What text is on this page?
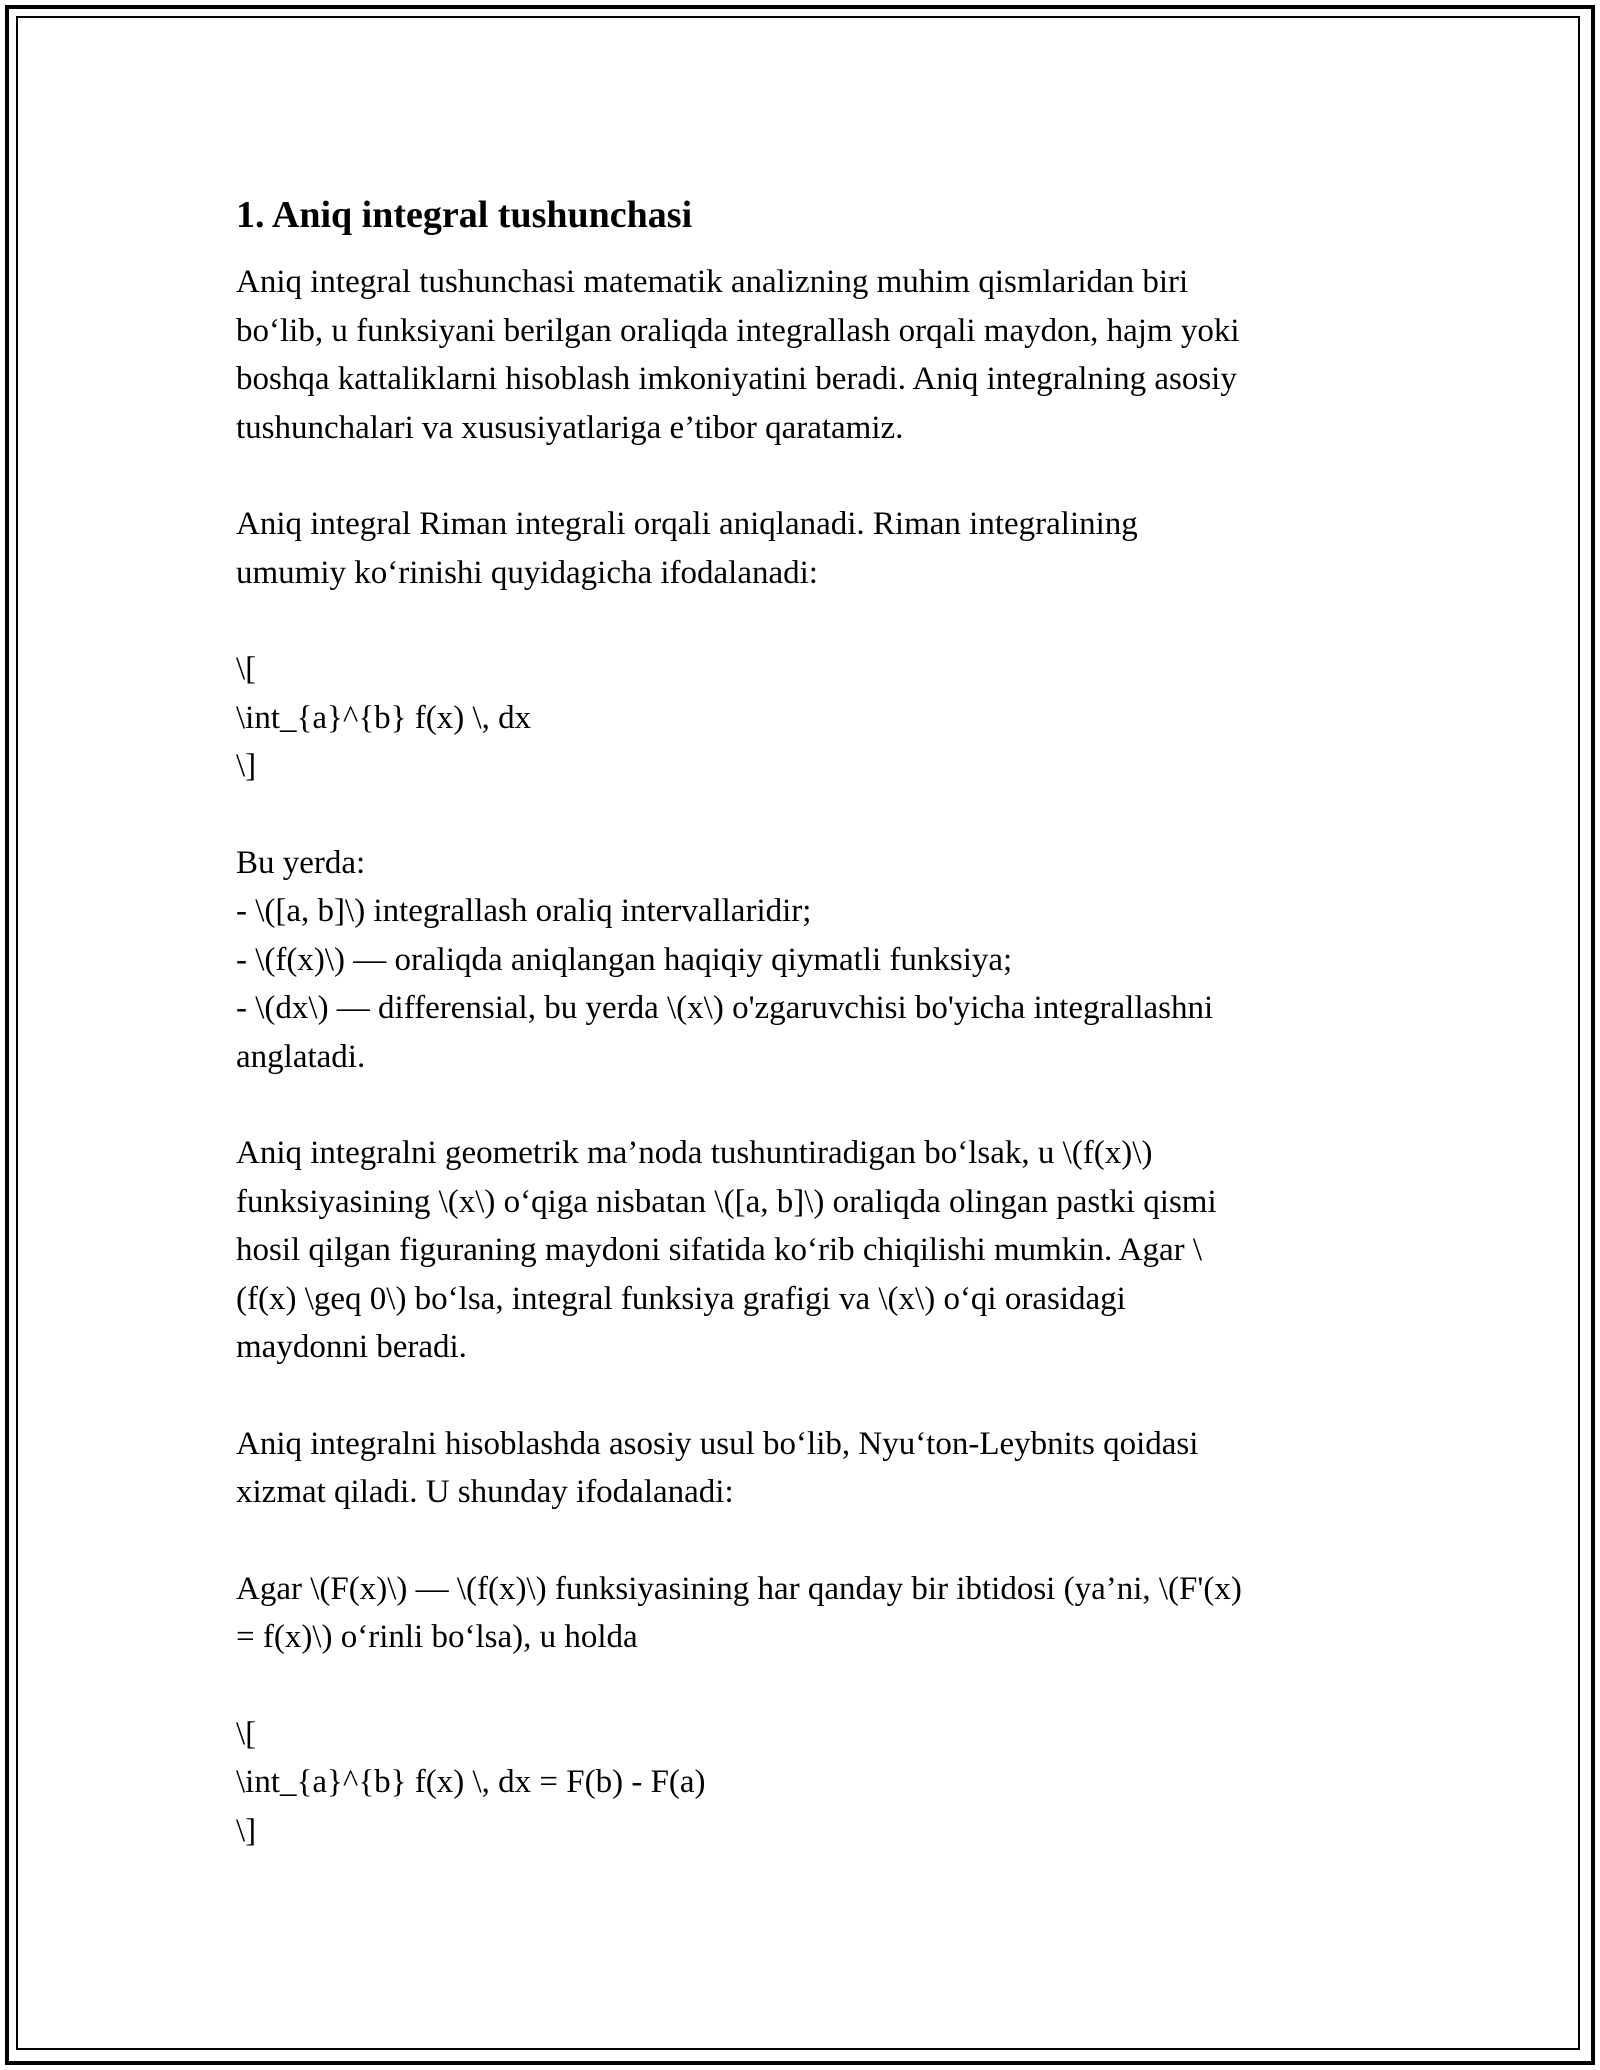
1. Aniq integral tushunchasi
Aniq integral tushunchasi matematik analizning muhim qismlaridan biri
bo‘lib, u funksiyani berilgan oraliqda integrallash orqali maydon, hajm yoki
boshqa kattaliklarni hisoblash imkoniyatini beradi. Aniq integralning asosiy
tushunchalari va xususiyatlariga e’tibor qaratamiz.
Aniq integral Riman integrali orqali aniqlanadi. Riman integralining
umumiy ko‘rinishi quyidagicha ifodalanadi:
\[
\int_{a}^{b} f(x) \, dx
\]
Bu yerda:
- \([a, b]\) integrallash oraliq intervallaridir;
- \(f(x)\) — oraliqda aniqlangan haqiqiy qiymatli funksiya;
- \(dx\) — differensial, bu yerda \(x\) o'zgaruvchisi bo'yicha integrallashni
anglatadi.
Aniq integralni geometrik ma’noda tushuntiradigan bo‘lsak, u \(f(x)\)
funksiyasining \(x\) o‘qiga nisbatan \([a, b]\) oraliqda olingan pastki qismi
hosil qilgan figuraning maydoni sifatida ko‘rib chiqilishi mumkin. Agar \
(f(x) \geq 0\) bo‘lsa, integral funksiya grafigi va \(x\) o‘qi orasidagi
maydonni beradi.
Aniq integralni hisoblashda asosiy usul bo‘lib, Nyu‘ton-Leybnits qoidasi
xizmat qiladi. U shunday ifodalanadi:
Agar \(F(x)\) — \(f(x)\) funksiyasining har qanday bir ibtidosi (ya’ni, \(F'(x)
= f(x)\) o‘rinli bo‘lsa), u holda
\[
\int_{a}^{b} f(x) \, dx = F(b) - F(a)
\]
